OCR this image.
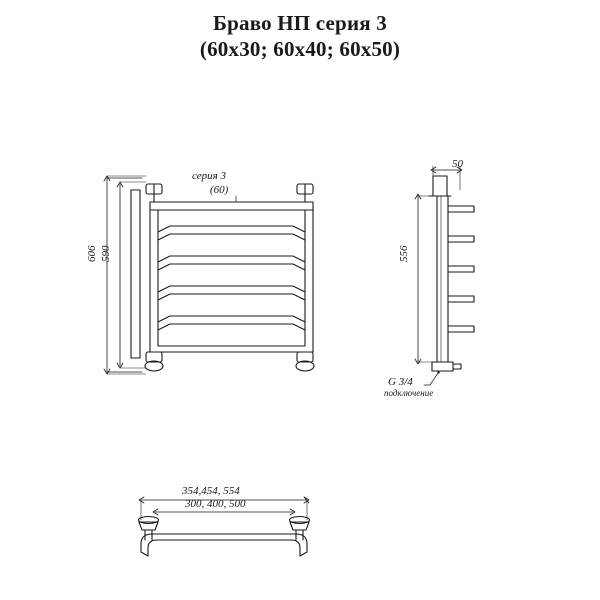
Браво НП серия 3
(60х30; 60х40; 60х50)
серия 3
(60)
606 590
50
556
G 3/4
подключение
354,454, 554
300, 400, 500
